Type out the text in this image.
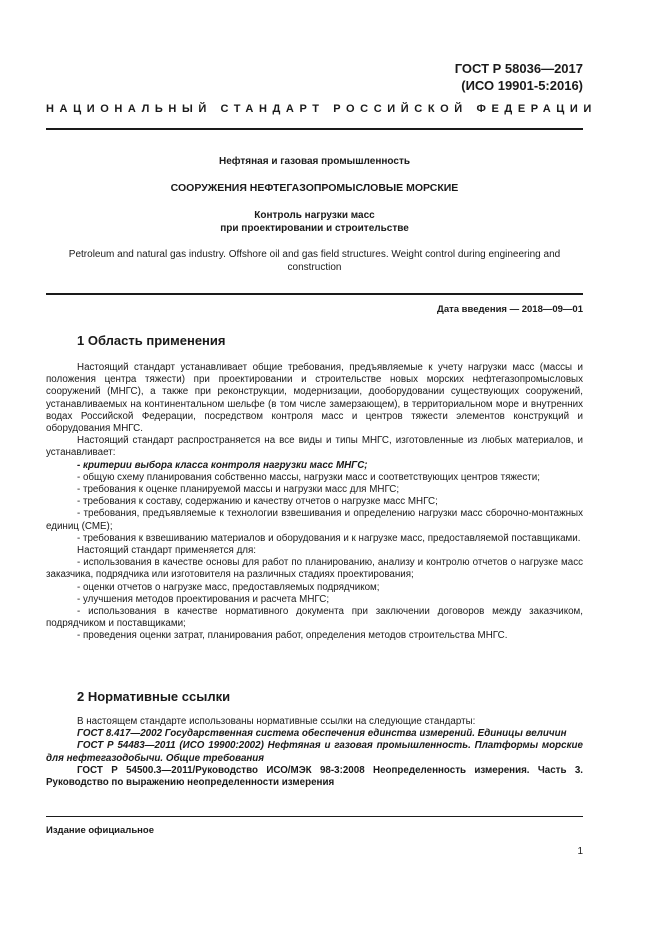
ГОСТ Р 58036—2017
(ИСО 19901-5:2016)
НАЦИОНАЛЬНЫЙ СТАНДАРТ РОССИЙСКОЙ ФЕДЕРАЦИИ
Нефтяная и газовая промышленность
СООРУЖЕНИЯ НЕФТЕГАЗОПРОМЫСЛОВЫЕ МОРСКИЕ
Контроль нагрузки масс
при проектировании и строительстве
Petroleum and natural gas industry. Offshore oil and gas field structures. Weight control during engineering and
construction
Дата введения — 2018—09—01
1 Область применения

Настоящий стандарт устанавливает общие требования, предъявляемые к учету нагрузки масс (массы и положения центра тяжести) при проектировании и строительстве новых морских нефтегазопромысловых сооружений (МНГС), а также при реконструкции, модернизации, дооборудовании существующих сооружений, устанавливаемых на континентальном шельфе (в том числе замерзающем), в территориальном море и внутренних водах Российской Федерации, посредством контроля масс и центров тяжести элементов конструкций и оборудования МНГС.

Настоящий стандарт распространяется на все виды и типы МНГС, изготовленные из любых материалов, и устанавливает:

- критерии выбора класса контроля нагрузки масс МНГС;

- общую схему планирования собственно массы, нагрузки масс и соответствующих центров тяжести;

- требования к оценке планируемой массы и нагрузки масс для МНГС;

- требования к составу, содержанию и качеству отчетов о нагрузке масс МНГС;

- требования, предъявляемые к технологии взвешивания и определению нагрузки масс сборочно-монтажных единиц (СМЕ);

- требования к взвешиванию материалов и оборудования и к нагрузке масс, предоставляемой поставщиками.

Настоящий стандарт применяется для:

- использования в качестве основы для работ по планированию, анализу и контролю отчетов о нагрузке масс заказчика, подрядчика или изготовителя на различных стадиях проектирования;

- оценки отчетов о нагрузке масс, предоставляемых подрядчиком;

- улучшения методов проектирования и расчета МНГС;

- использования в качестве нормативного документа при заключении договоров между заказчиком, подрядчиком и поставщиками;

- проведения оценки затрат, планирования работ, определения методов строительства МНГС.

2 Нормативные ссылки

В настоящем стандарте использованы нормативные ссылки на следующие стандарты:

ГОСТ 8.417—2002 Государственная система обеспечения единства измерений. Единицы величин

ГОСТ Р 54483—2011 (ИСО 19900:2002) Нефтяная и газовая промышленность. Платформы морские для нефтегазодобычи. Общие требования

ГОСТ Р 54500.3—2011/Руководство ИСО/МЭК 98-3:2008 Неопределенность измерения. Часть 3. Руководство по выражению неопределенности измерения

Издание официальное
1
